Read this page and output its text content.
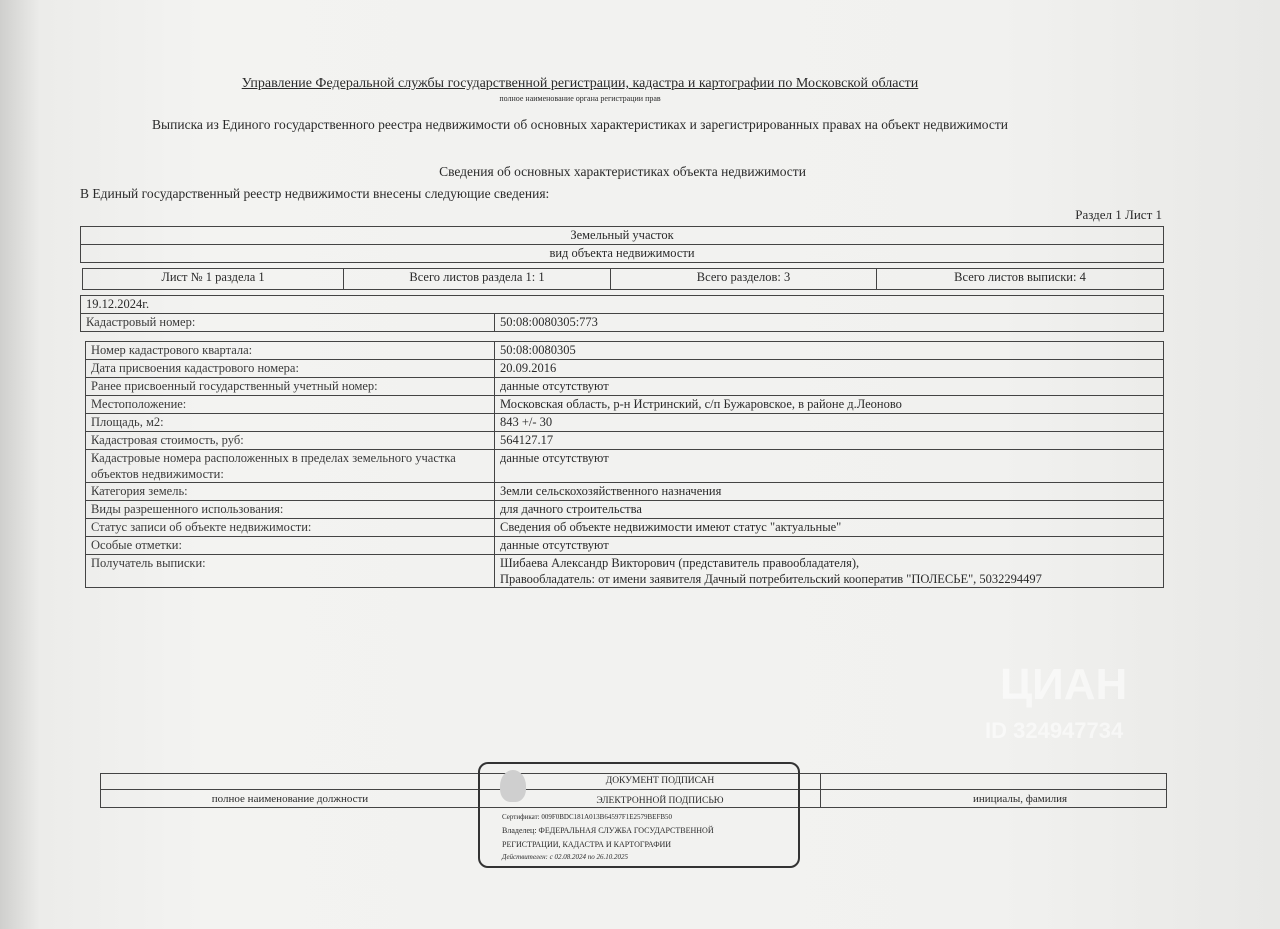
Управление Федеральной службы государственной регистрации, кадастра и картографии по Московской области
полное наименование органа регистрации прав
Выписка из Единого государственного реестра недвижимости об основных характеристиках и зарегистрированных правах на объект недвижимости
Сведения об основных характеристиках объекта недвижимости
В Единый государственный реестр недвижимости внесены следующие сведения:
Раздел 1 Лист 1
Земельный участок
вид объекта недвижимости
Лист № 1 раздела 1	Всего листов раздела 1: 1	Всего разделов: 3	Всего листов выписки: 4
19.12.2024г.
Кадастровый номер:	50:08:0080305:773
Номер кадастрового квартала:	50:08:0080305

Дата присвоения кадастрового номера:	20.09.2016

Ранее присвоенный государственный учетный номер:	данные отсутствуют

Местоположение:	Московская область, р-н Истринский, с/п Бужаровское, в районе д.Леоново

Площадь, м2:	843 +/- 30

Кадастровая стоимость, руб:	564127.17

Кадастровые номера расположенных в пределах земельного участка объектов недвижимости:	данные отсутствуют

Категория земель:	Земли сельскохозяйственного назначения

Виды разрешенного использования:	для дачного строительства

Статус записи об объекте недвижимости:	Сведения об объекте недвижимости имеют статус "актуальные"

Особые отметки:	данные отсутствуют

Получатель выписки:	Шибаева Александр Викторович (представитель правообладателя),
Правообладатель: от имени заявителя Дачный потребительский кооператив "ПОЛЕСЬЕ", 5032294497
ЦИАН
ID 324947734
полное наименование должности	инициалы, фамилия
ДОКУМЕНТ ПОДПИСАН
ЭЛЕКТРОННОЙ ПОДПИСЬЮ
Сертификат: 009F0BDC181A013B64597F1E2579BEFB50
Владелец: ФЕДЕРАЛЬНАЯ СЛУЖБА ГОСУДАРСТВЕННОЙ
РЕГИСТРАЦИИ, КАДАСТРА И КАРТОГРАФИИ
Действителен: с 02.08.2024 по 26.10.2025
